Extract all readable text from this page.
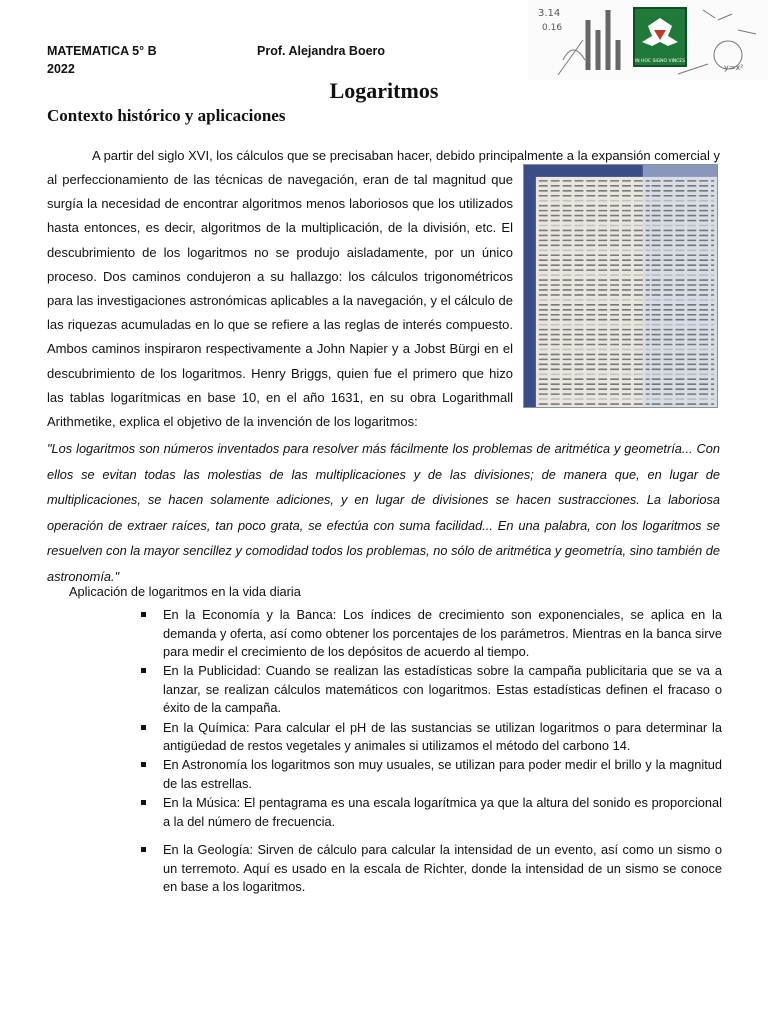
MATEMATICA 5° B
2022
Prof. Alejandra Boero
3.14
0.16
y=x²
IN HOC SIGNO VINCES
Logaritmos
Contexto histórico y aplicaciones

A partir del siglo XVI, los cálculos que se precisaban hacer, debido principalmente a la expansión comercial y

al perfeccionamiento de las técnicas de navegación, eran de tal magnitud que surgía la necesidad de encontrar algoritmos menos laboriosos que los utilizados hasta entonces, es decir, algoritmos de la multiplicación, de la división, etc. El descubrimiento de los logaritmos no se produjo aisladamente, por un único proceso. Dos caminos condujeron a su hallazgo: los cálculos trigonométricos para las investigaciones astronómicas aplicables a la navegación, y el cálculo de las riquezas acumuladas en lo que se refiere a las reglas de interés compuesto. Ambos caminos inspiraron respectivamente a John Napier y a Jobst Bürgi en el descubrimiento de los logaritmos. Henry Briggs, quien fue el primero que hizo las tablas logarítmicas en base 10, en el año 1631, en su obra Logarithmall Arithmetike, explica el objetivo de la invención de los logaritmos:

"Los logaritmos son números inventados para resolver más fácilmente los problemas de aritmética y geometría... Con ellos se evitan todas las molestias de las multiplicaciones y de las divisiones; de manera que, en lugar de multiplicaciones, se hacen solamente adiciones, y en lugar de divisiones se hacen sustracciones. La laboriosa operación de extraer raíces, tan poco grata, se efectúa con suma facilidad... En una palabra, con los logaritmos se resuelven con la mayor sencillez y comodidad todos los problemas, no sólo de aritmética y geometría, sino también de astronomía."

Aplicación de logaritmos en la vida diaria
En la Economía y la Banca: Los índices de crecimiento son exponenciales, se aplica en la demanda y oferta, así como obtener los porcentajes de los parámetros. Mientras en la banca sirve para medir el crecimiento de los depósitos de acuerdo al tiempo.
En la Publicidad: Cuando se realizan las estadísticas sobre la campaña publicitaria que se va a lanzar, se realizan cálculos matemáticos con logaritmos. Estas estadísticas definen el fracaso o éxito de la campaña.
En la Química: Para calcular el pH de las sustancias se utilizan logaritmos o para determinar la antigüedad de restos vegetales y animales si utilizamos el método del carbono 14.
En Astronomía los logaritmos son muy usuales, se utilizan para poder medir el brillo y la magnitud de las estrellas.
En la Música: El pentagrama es una escala logarítmica ya que la altura del sonido es proporcional a la del número de frecuencia.
En la Geología: Sirven de cálculo para calcular la intensidad de un evento, así como un sismo o un terremoto. Aquí es usado en la escala de Richter, donde la intensidad de un sismo se conoce en base a los logaritmos.
